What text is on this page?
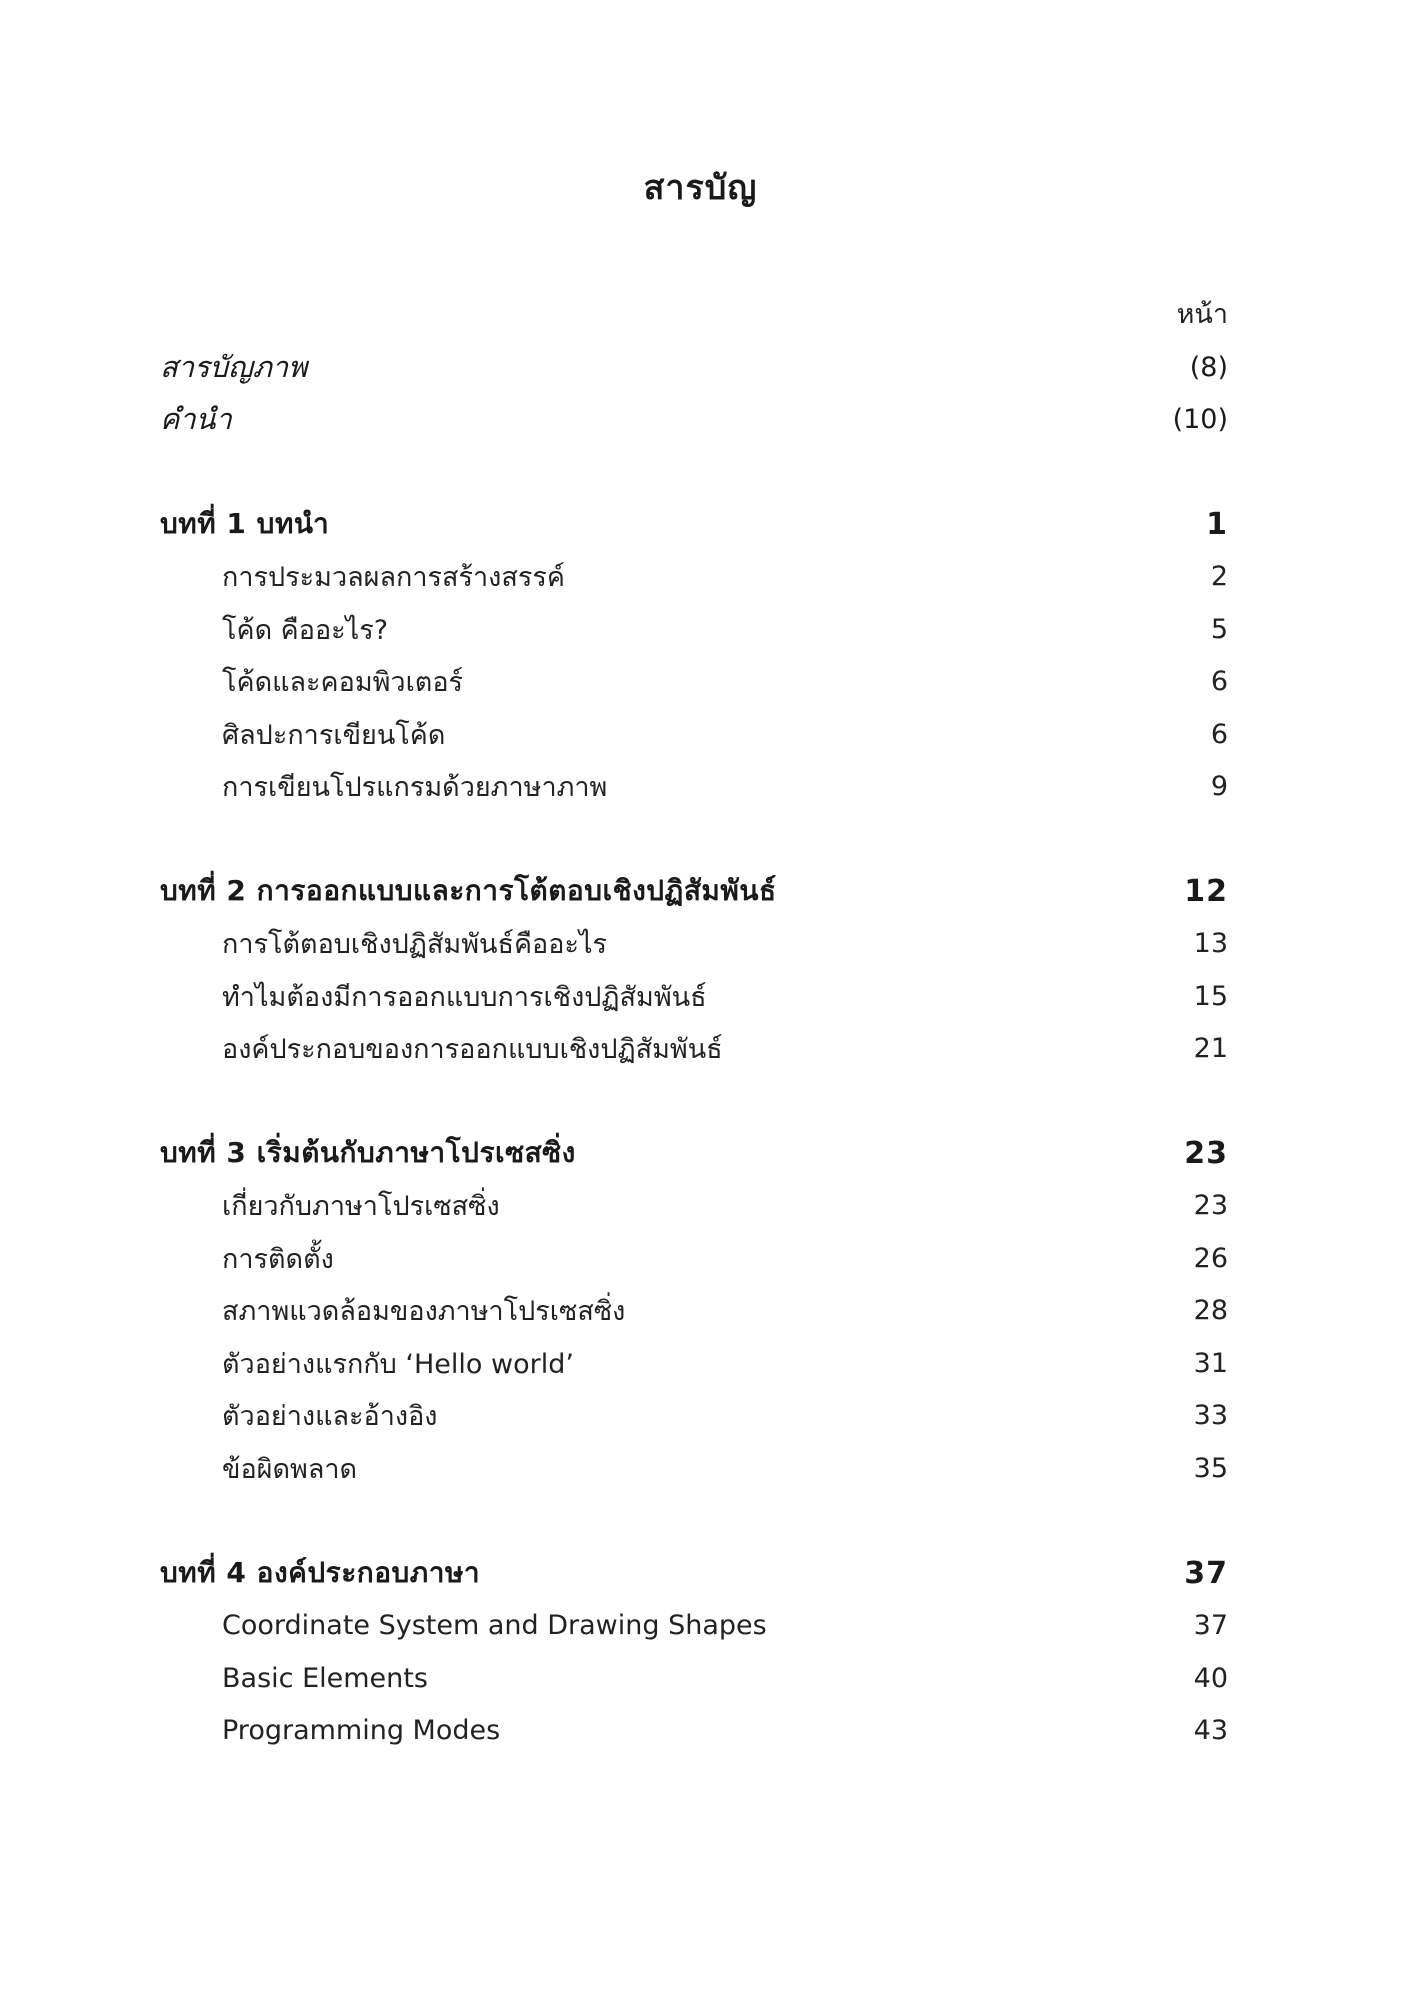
สารบัญ
หน้า
สารบัญภาพ	(8)
คำนำ	(10)
บทที่ 1 บทนำ	1
การประมวลผลการสร้างสรรค์	2
โค้ด คืออะไร?	5
โค้ดและคอมพิวเตอร์	6
ศิลปะการเขียนโค้ด	6
การเขียนโปรแกรมด้วยภาษาภาพ	9
บทที่ 2 การออกแบบและการโต้ตอบเชิงปฏิสัมพันธ์	12
การโต้ตอบเชิงปฏิสัมพันธ์คืออะไร	13
ทำไมต้องมีการออกแบบการเชิงปฏิสัมพันธ์	15
องค์ประกอบของการออกแบบเชิงปฏิสัมพันธ์	21
บทที่ 3 เริ่มต้นกับภาษาโปรเซสซิ่ง	23
เกี่ยวกับภาษาโปรเซสซิ่ง	23
การติดตั้ง	26
สภาพแวดล้อมของภาษาโปรเซสซิ่ง	28
ตัวอย่างแรกกับ ‘Hello world’	31
ตัวอย่างและอ้างอิง	33
ข้อผิดพลาด	35
บทที่ 4 องค์ประกอบภาษา	37
Coordinate System and Drawing Shapes	37
Basic Elements	40
Programming Modes	43
